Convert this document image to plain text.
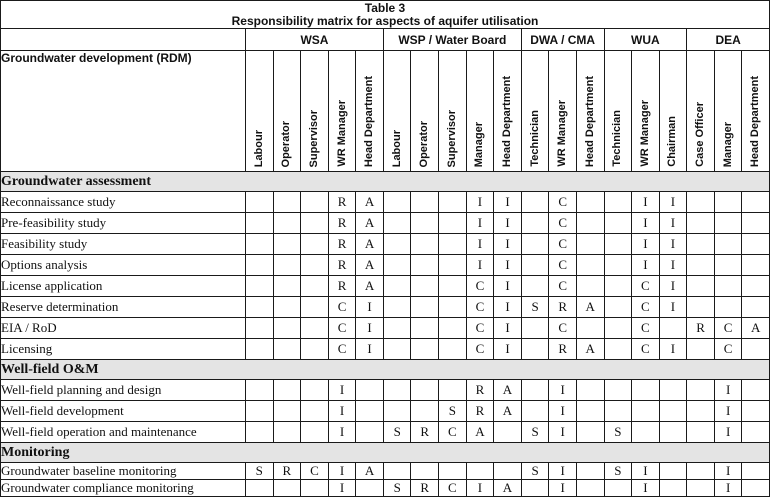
Table 3
Responsibility matrix for aspects of aquifer utilisation																			

	WSA					WSP / Water Board					DWA / CMA			WUA			DEA		
Groundwater development (RDM)	Labour	Operator	Supervisor	WR Manager	Head Department	Labour	Operator	Supervisor	Manager	Head Department	Technician	WR Manager	Head Department	Technician	WR Manager	Chairman	Case Officer	Manager	Head Department

Groundwater assessment																			
Reconnaissance study				R	A				I	I		C			I	I			
Pre-feasibility study				R	A				I	I		C			I	I			
Feasibility study				R	A				I	I		C			I	I			
Options analysis				R	A				I	I		C			I	I			
License application				R	A				C	I		C			C	I			
Reserve determination				C	I				C	I	S	R	A		C	I			
EIA / RoD				C	I				C	I		C			C		R	C	A
Licensing				C	I				C	I		R	A		C	I		C	
Well-field O&M																			
Well-field planning and design				I					R	A		I						I	
Well-field development				I				S	R	A		I						I	
Well-field operation and maintenance				I		S	R	C	A		S	I		S				I	
Monitoring																			
Groundwater baseline monitoring	S	R	C	I	A						S	I		S	I			I	
Groundwater compliance monitoring				I		S	R	C	I	A		I			I			I	
